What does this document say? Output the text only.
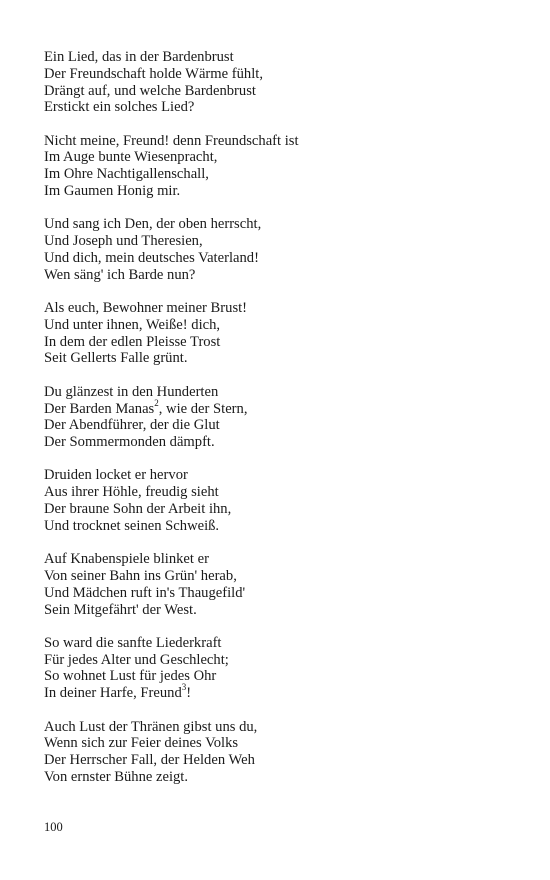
Ein Lied, das in der Bardenbrust
Der Freundschaft holde Wärme fühlt,
Drängt auf, und welche Bardenbrust
Erstickt ein solches Lied?
Nicht meine, Freund! denn Freundschaft ist
Im Auge bunte Wiesenpracht,
Im Ohre Nachtigallenschall,
Im Gaumen Honig mir.
Und sang ich Den, der oben herrscht,
Und Joseph und Theresien,
Und dich, mein deutsches Vaterland!
Wen säng' ich Barde nun?
Als euch, Bewohner meiner Brust!
Und unter ihnen, Weiße! dich,
In dem der edlen Pleisse Trost
Seit Gellerts Falle grünt.
Du glänzest in den Hunderten
Der Barden Manas$^2$, wie der Stern,
Der Abendführer, der die Glut
Der Sommermonden dämpft.
Druiden locket er hervor
Aus ihrer Höhle, freudig sieht
Der braune Sohn der Arbeit ihn,
Und trocknet seinen Schweiß.
Auf Knabenspiele blinket er
Von seiner Bahn ins Grün' herab,
Und Mädchen ruft in's Thaugefild'
Sein Mitgefährt' der West.
So ward die sanfte Liederkraft
Für jedes Alter und Geschlecht;
So wohnet Lust für jedes Ohr
In deiner Harfe, Freund$^3$!
Auch Lust der Thränen gibst uns du,
Wenn sich zur Feier deines Volks
Der Herrscher Fall, der Helden Weh
Von ernster Bühne zeigt.
100
